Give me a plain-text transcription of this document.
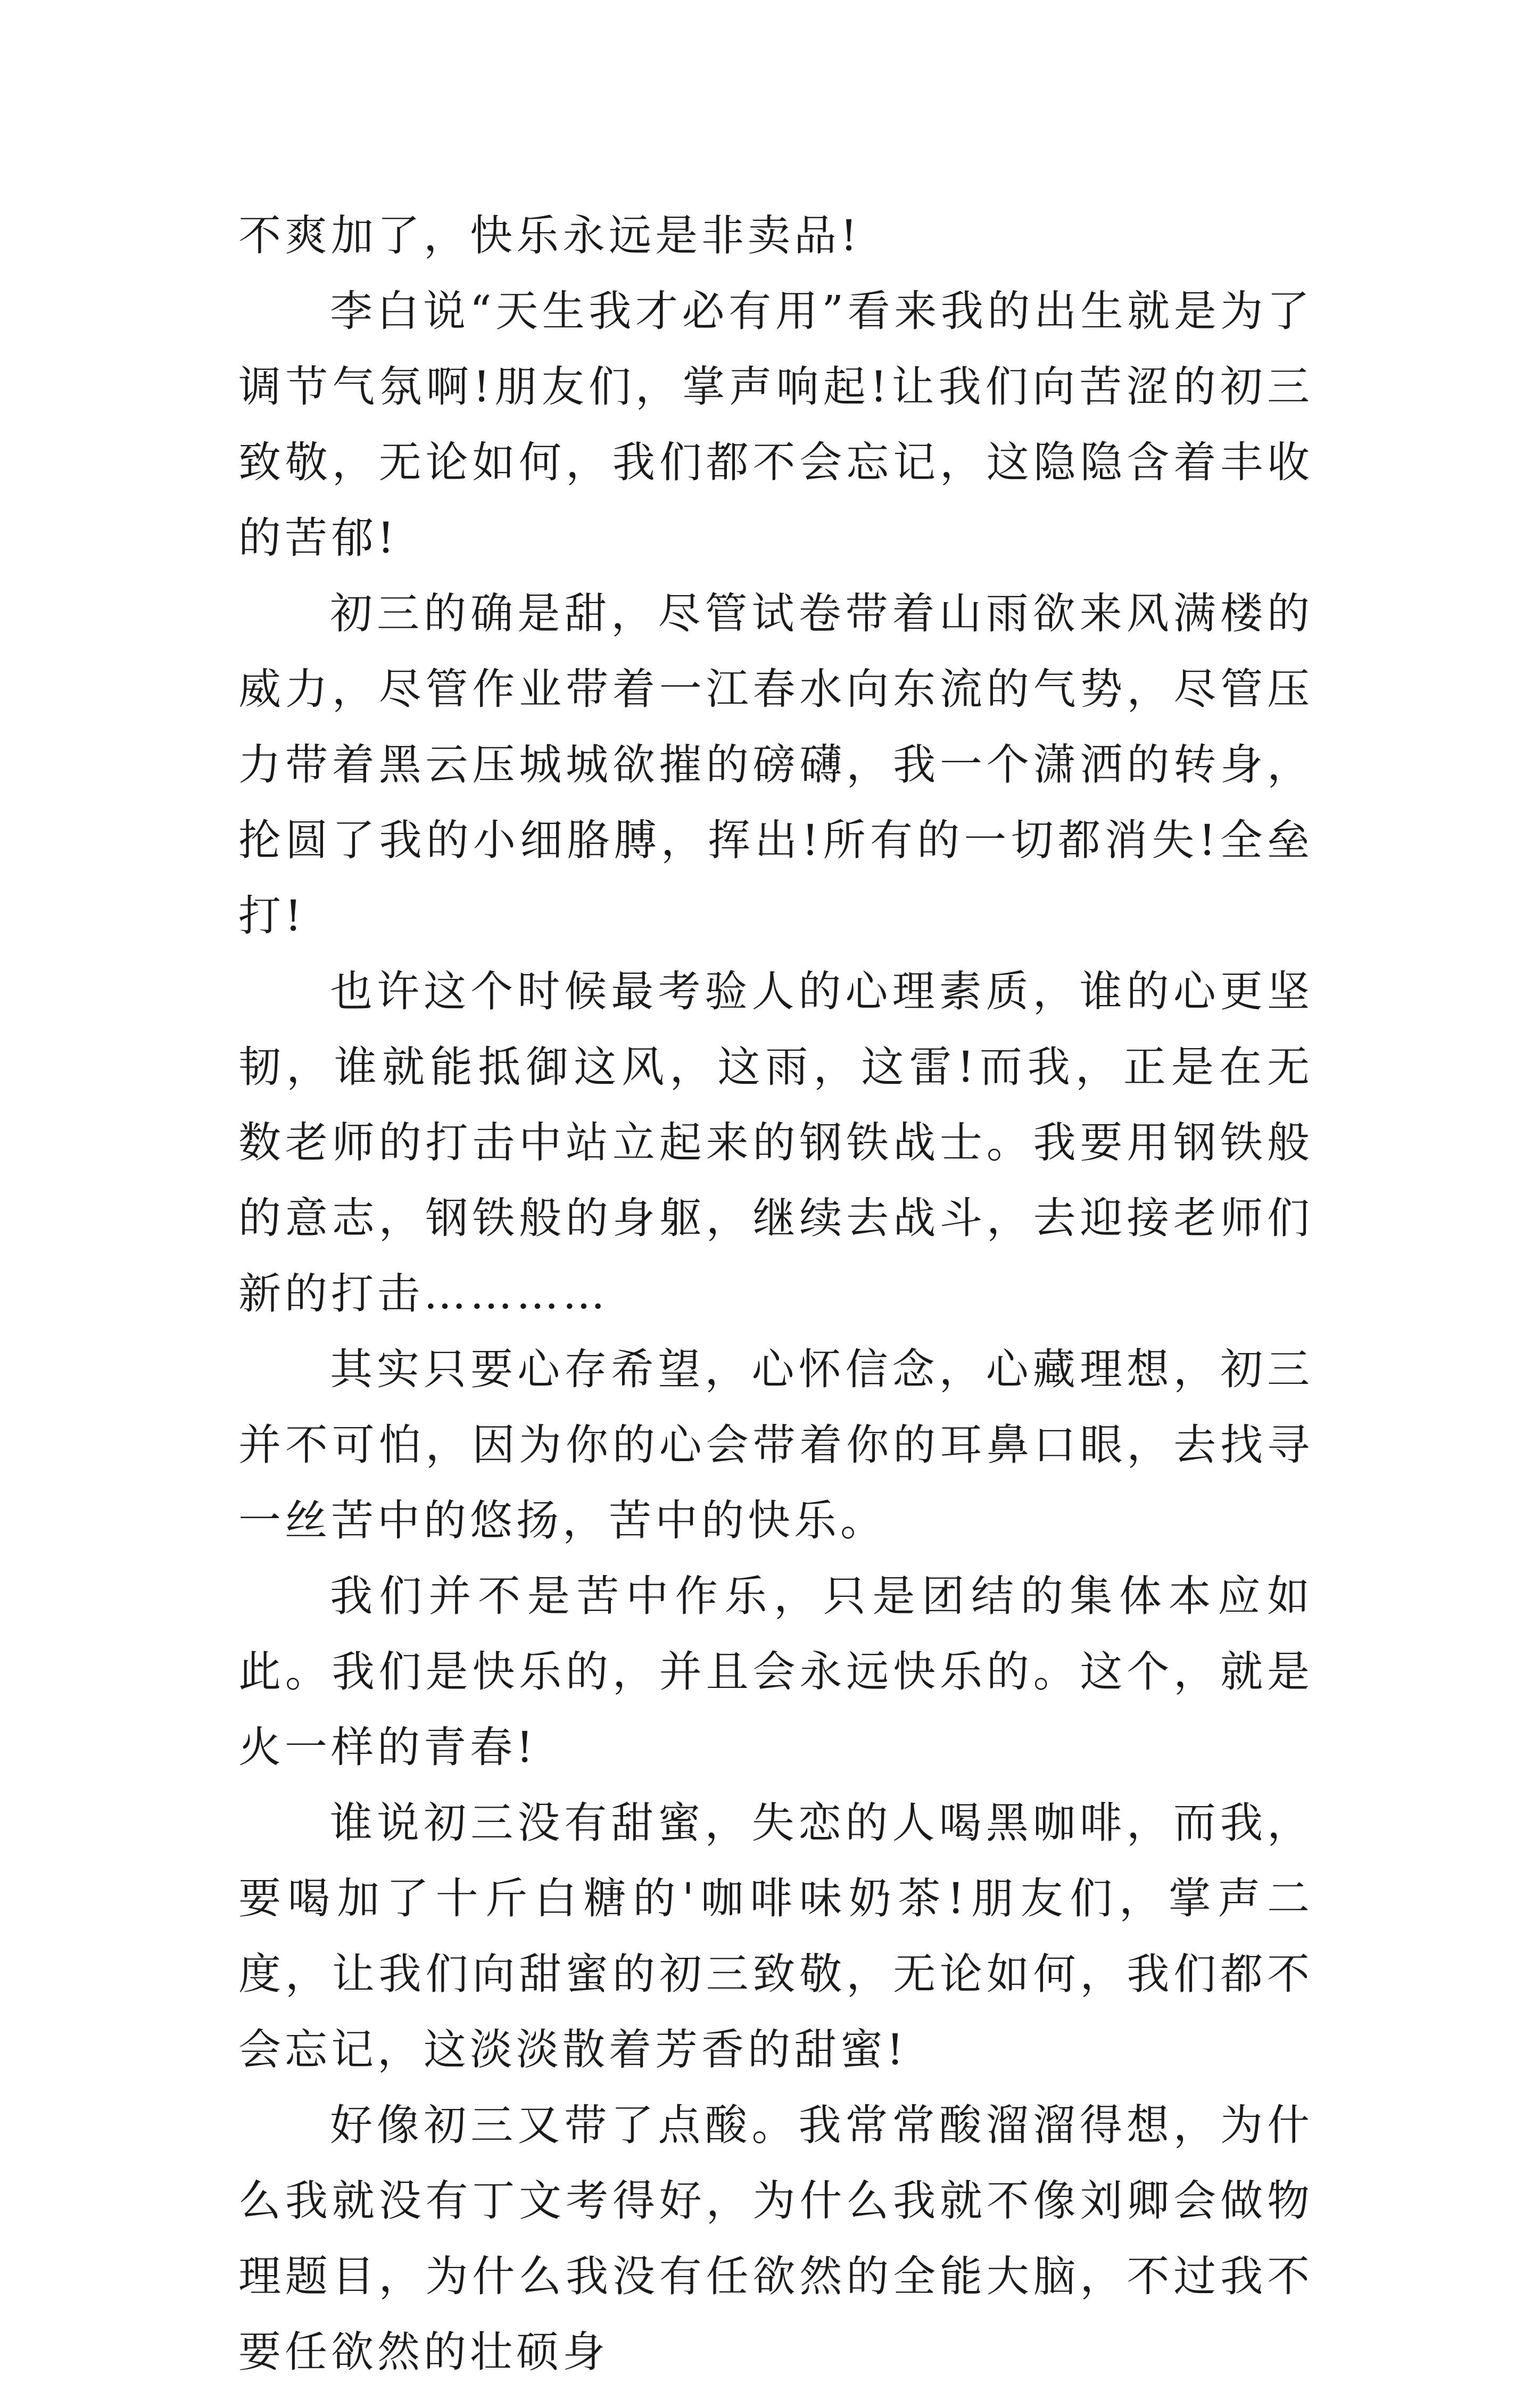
不爽加了，快乐永远是非卖品!

李白说“天生我才必有用”看来我的出生就是为了调节气氛啊!朋友们，掌声响起!让我们向苦涩的初三致敬，无论如何，我们都不会忘记，这隐隐含着丰收的苦郁!

初三的确是甜，尽管试卷带着山雨欲来风满楼的威力，尽管作业带着一江春水向东流的气势，尽管压力带着黑云压城城欲摧的磅礴，我一个潇洒的转身，抡圆了我的小细胳膊，挥出!所有的一切都消失!全垒打!

也许这个时候最考验人的心理素质，谁的心更坚韧，谁就能抵御这风，这雨，这雷!而我，正是在无数老师的打击中站立起来的钢铁战士。我要用钢铁般的意志，钢铁般的身躯，继续去战斗，去迎接老师们新的打击…………

其实只要心存希望，心怀信念，心藏理想，初三并不可怕，因为你的心会带着你的耳鼻口眼，去找寻一丝苦中的悠扬，苦中的快乐。

我们并不是苦中作乐，只是团结的集体本应如此。我们是快乐的，并且会永远快乐的。这个，就是火一样的青春!

谁说初三没有甜蜜，失恋的人喝黑咖啡，而我，要喝加了十斤白糖的'咖啡味奶茶!朋友们，掌声二度，让我们向甜蜜的初三致敬，无论如何，我们都不会忘记，这淡淡散着芳香的甜蜜!

好像初三又带了点酸。我常常酸溜溜得想，为什么我就没有丁文考得好，为什么我就不像刘卿会做物理题目，为什么我没有任欲然的全能大脑，不过我不要任欲然的壮硕身
